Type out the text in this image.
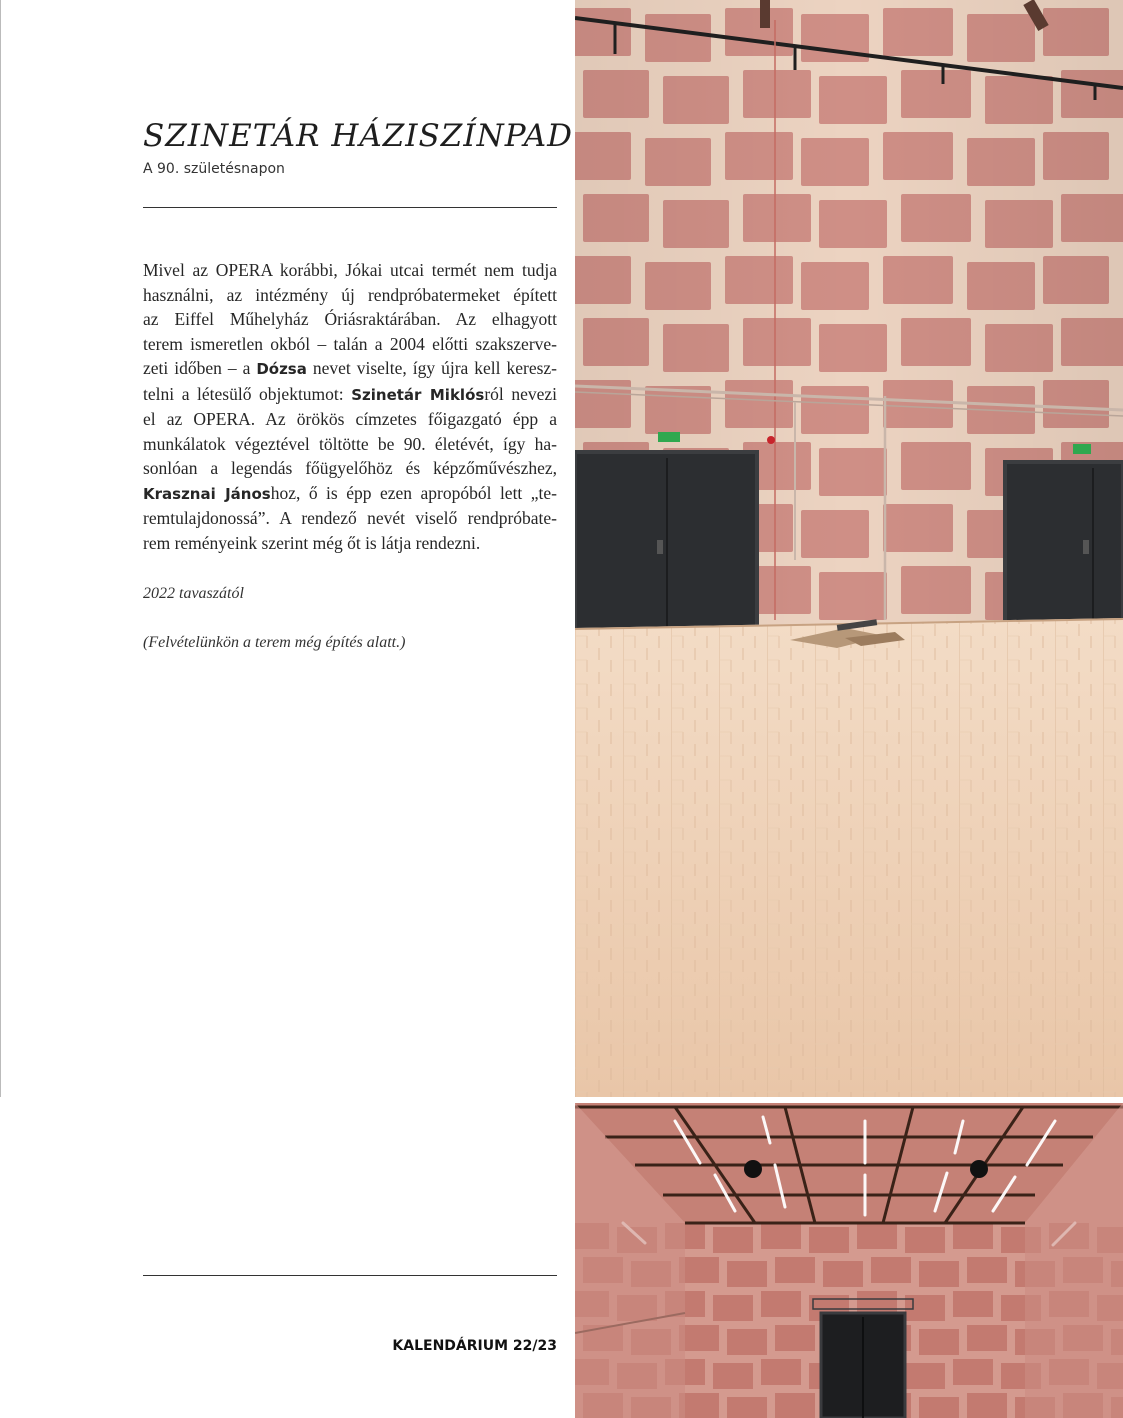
SZINETÁR HÁZISZÍNPAD
A 90. születésnapon
Mivel az OPERA korábbi, Jókai utcai termét nem tudja
használni, az intézmény új rendpróbatermeket épített
az Eiffel Műhelyház Óriásraktárában. Az elhagyott
terem ismeretlen okból – talán a 2004 előtti szakszerve-
zeti időben – a Dózsa nevet viselte, így újra kell keresz-
telni a létesülő objektumot: Szinetár Miklósról nevezi
el az OPERA. Az örökös címzetes főigazgató épp a
munkálatok végeztével töltötte be 90. életévét, így ha-
sonlóan a legendás főügyelőhöz és képzőművészhez,
Krasznai Jánoshoz, ő is épp ezen apropóból lett „te-
remtulajdonossá”. A rendező nevét viselő rendpróbate-
rem reményeink szerint még őt is látja rendezni.

2022 tavaszától

(Felvételünkön a terem még építés alatt.)

KALENDÁRIUM 22/23
